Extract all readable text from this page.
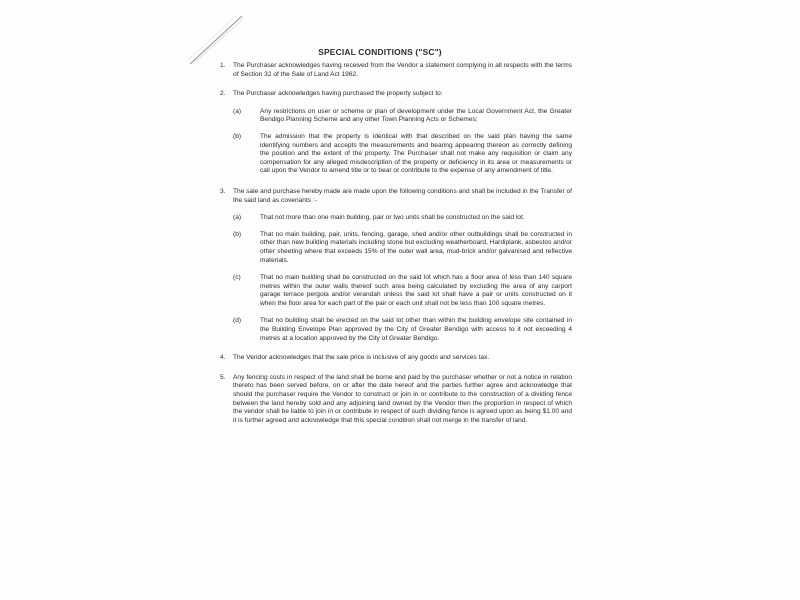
SPECIAL CONDITIONS ("SC")
1. The Purchaser acknowledges having received from the Vendor a statement complying in all respects with the terms of Section 32 of the Sale of Land Act 1962.
2. The Purchaser acknowledges having purchased the property subject to:
(a)	Any restrictions on user or scheme or plan of development under the Local Government Act, the Greater Bendigo Planning Scheme and any other Town Planning Acts or Schemes;
(b)	The admission that the property is identical with that described on the said plan having the same identifying numbers and accepts the measurements and bearing appearing thereon as correctly defining the position and the extent of the property. The Purchaser shall not make any requisition or claim any compensation for any alleged misdescription of the property or deficiency in its area or measurements or call upon the Vendor to amend title or to bear or contribute to the expense of any amendment of title.
3. The sale and purchase hereby made are made upon the following conditions and shall be included in the Transfer of the said land as covenants :-
(a)	That not more than one main building, pair or two units shall be constructed on the said lot.
(b)	That no main building, pair, units, fencing, garage, shed and/or other outbuildings shall be constructed in other than new building materials including stone but excluding weatherboard, Hardiplank, asbestos and/or other sheeting where that exceeds 15% of the outer wall area, mud-brick and/or galvanised and reflective materials.
(c)	That no main building shall be constructed on the said lot which has a floor area of less than 140 square metres within the outer walls thereof such area being calculated by excluding the area of any carport garage terrace pergola and/or verandah unless the said lot shall have a pair or units constructed on it when the floor area for each part of the pair or each unit shall not be less than 100 square metres.
(d)	That no building shall be erected on the said lot other than within the building envelope site contained in the Building Envelope Plan approved by the City of Greater Bendigo with access to it not exceeding 4 metres at a location approved by the City of Greater Bendigo.
4. The Vendor acknowledges that the sale price is inclusive of any goods and services tax.
5. Any fencing costs in respect of the land shall be borne and paid by the purchaser whether or not a notice in relation thereto has been served before, on or after the date hereof and the parties further agree and acknowledge that should the purchaser require the Vendor to construct or join in or contribute to the construction of a dividing fence between the land hereby sold and any adjoining land owned by the Vendor then the proportion in respect of which the vendor shall be liable to join in or contribute in respect of such dividing fence is agreed upon as being $1.00 and it is further agreed and acknowledge that this special condition shall not merge in the transfer of land.
